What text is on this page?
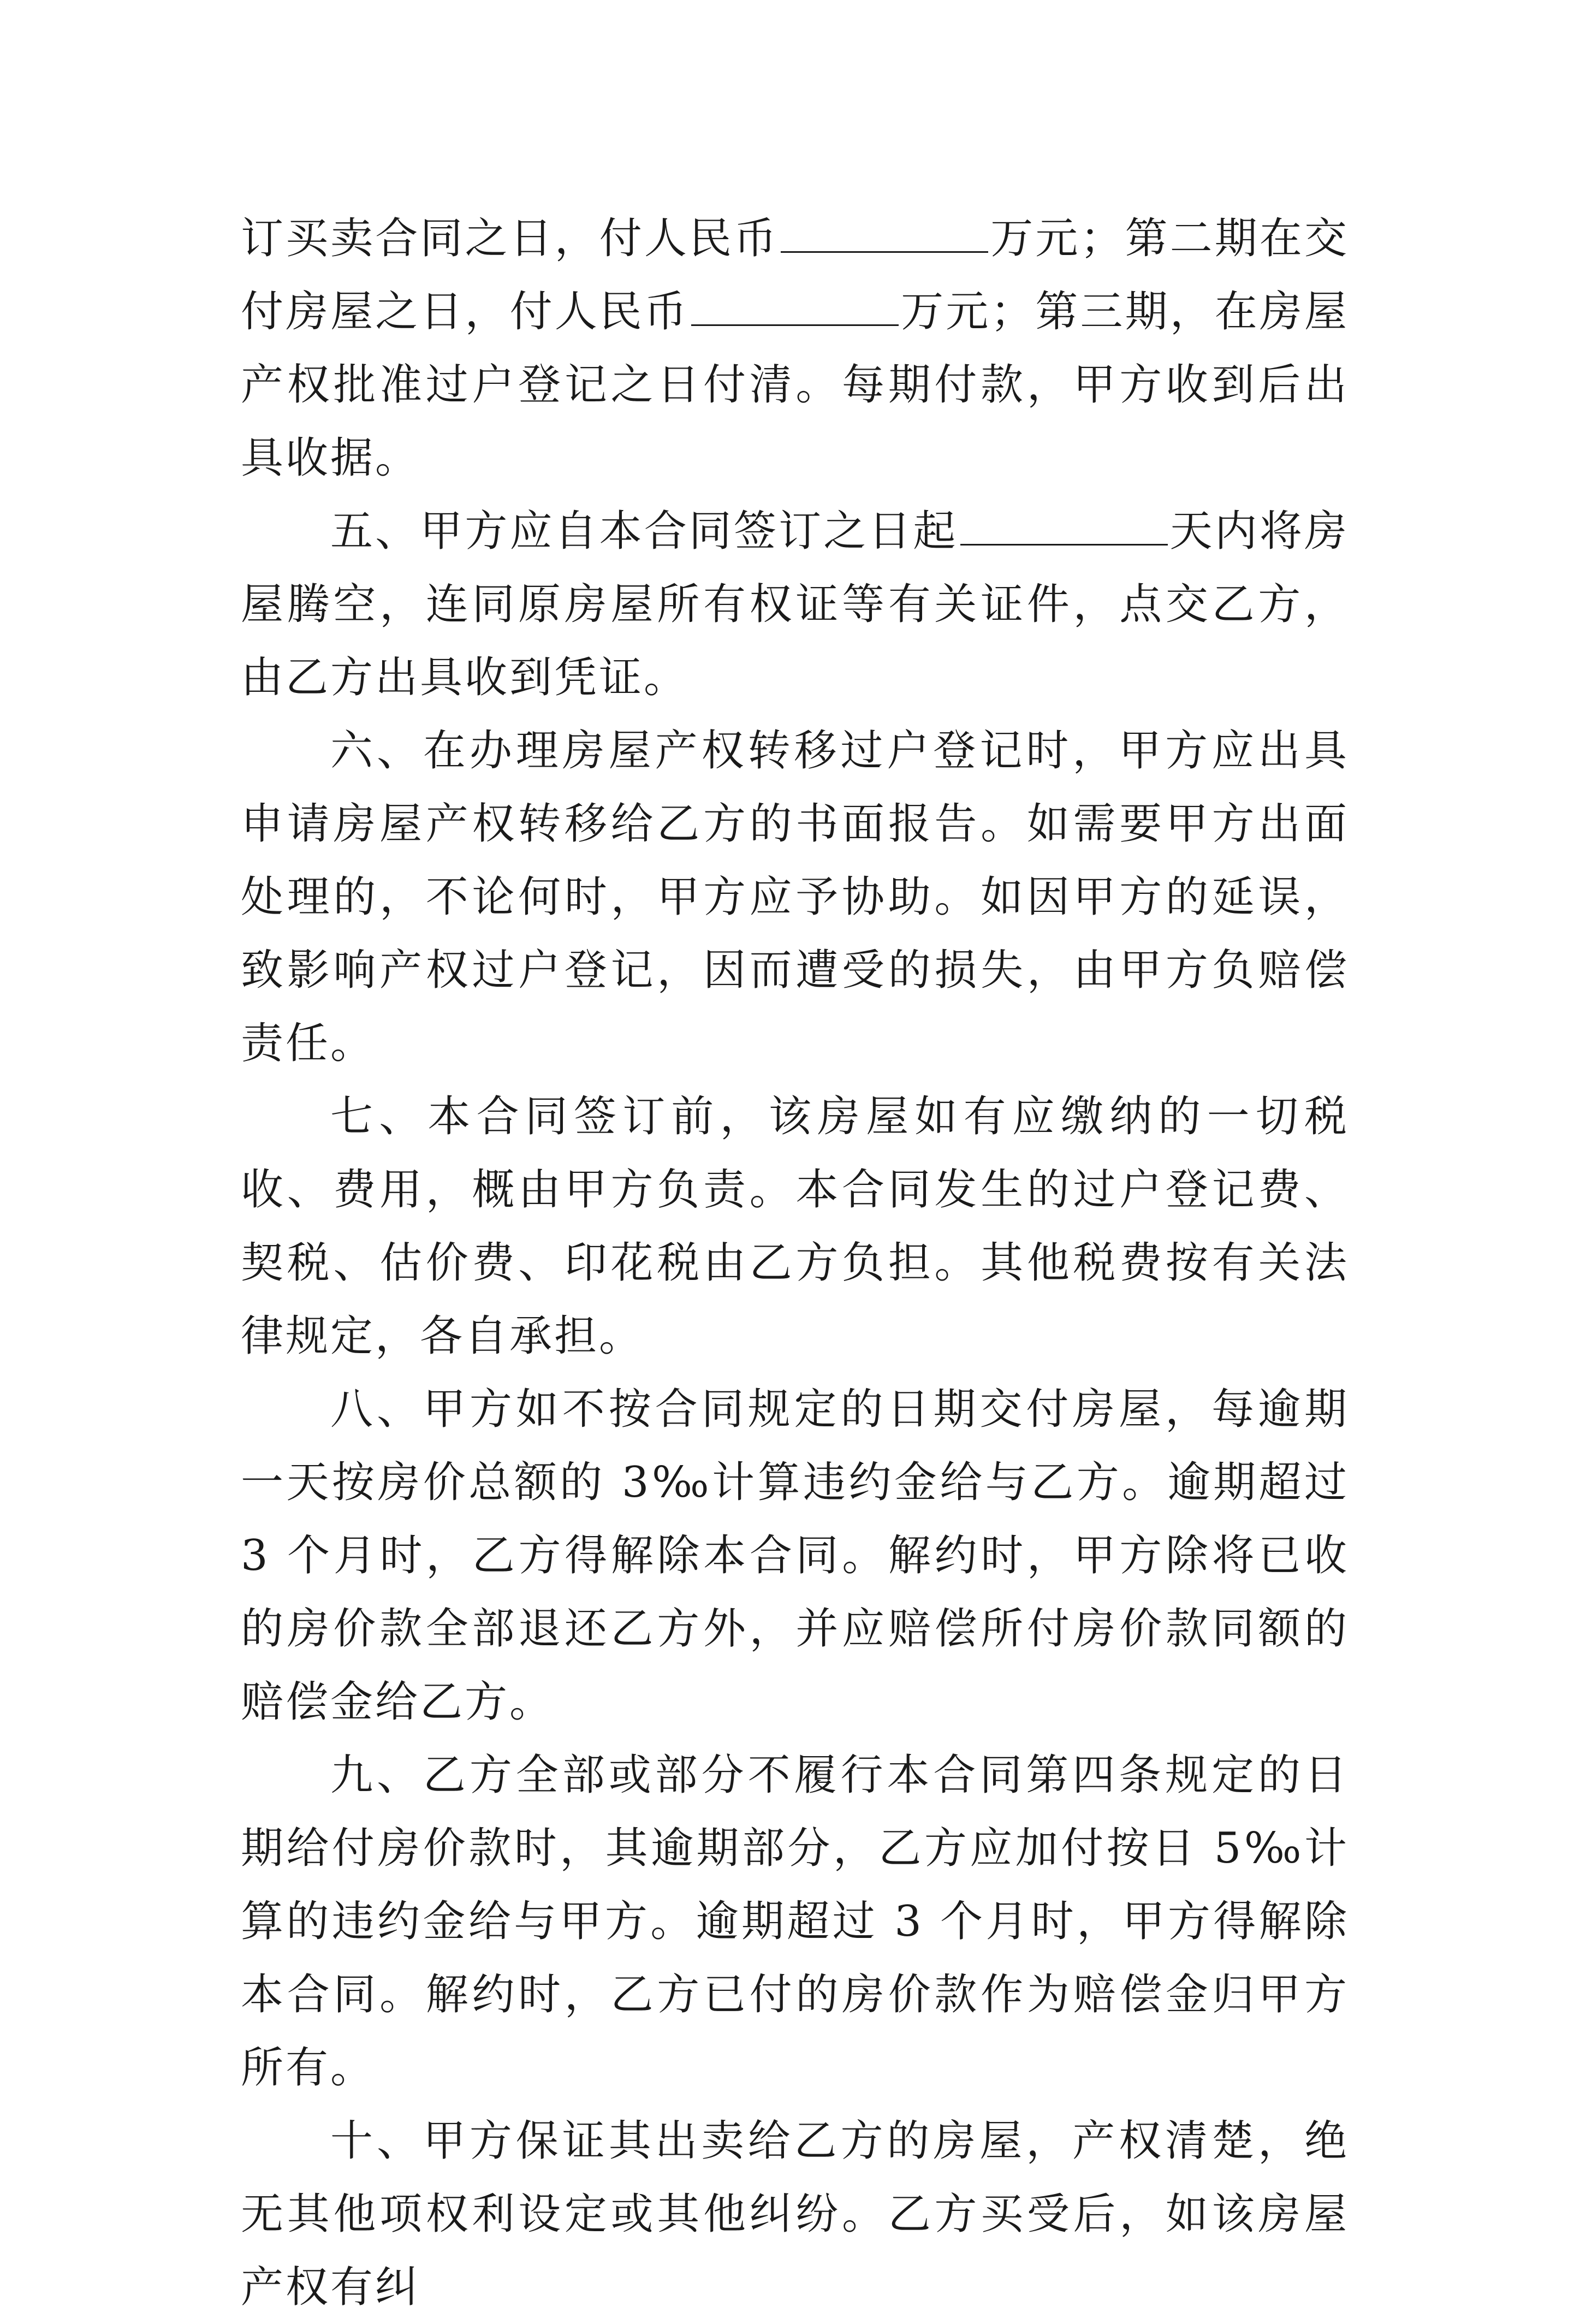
订买卖合同之日，付人民币	万元；第二期在交付房屋之日，付人民币	万元；第三期，在房屋产权批准过户登记之日付清。每期付款，甲方收到后出具收据。

五、甲方应自本合同签订之日起	天内将房屋腾空，连同原房屋所有权证等有关证件，点交乙方，由乙方出具收到凭证。

六、在办理房屋产权转移过户登记时，甲方应出具申请房屋产权转移给乙方的书面报告。如需要甲方出面处理的，不论何时，甲方应予协助。如因甲方的延误，致影响产权过户登记，因而遭受的损失，由甲方负赔偿责任。

七、本合同签订前，该房屋如有应缴纳的一切税收、费用，概由甲方负责。本合同发生的过户登记费、契税、估价费、印花税由乙方负担。其他税费按有关法律规定，各自承担。

八、甲方如不按合同规定的日期交付房屋，每逾期一天按房价总额的 3‰计算违约金给与乙方。逾期超过 3 个月时，乙方得解除本合同。解约时，甲方除将已收的房价款全部退还乙方外，并应赔偿所付房价款同额的赔偿金给乙方。

九、乙方全部或部分不履行本合同第四条规定的日期给付房价款时，其逾期部分，乙方应加付按日 5‰计算的违约金给与甲方。逾期超过 3 个月时，甲方得解除本合同。解约时，乙方已付的房价款作为赔偿金归甲方所有。

十、甲方保证其出卖给乙方的房屋，产权清楚，绝无其他项权利设定或其他纠纷。乙方买受后，如该房屋产权有纠
